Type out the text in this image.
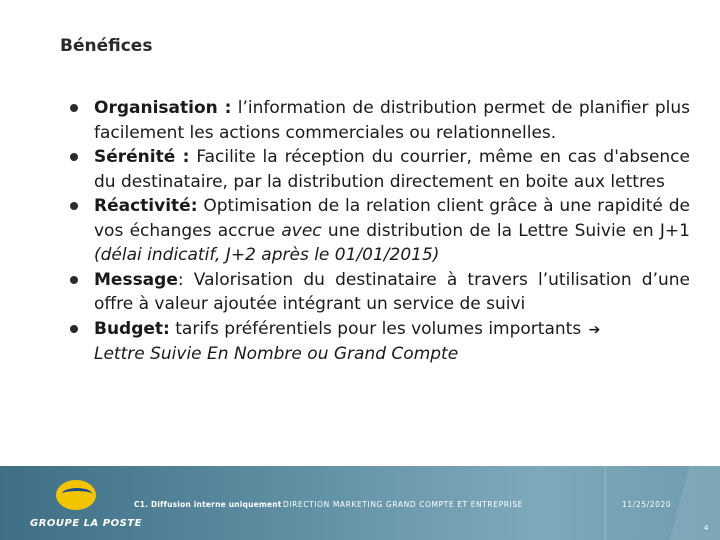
Bénéfices
Organisation : l’information de distribution permet de planifier plus facilement les actions commerciales ou relationnelles.
Sérénité : Facilite la réception du courrier, même en cas d'absence du destinataire, par la distribution directement en boite aux lettres
Réactivité: Optimisation de la relation client grâce à une rapidité de vos échanges accrue avec une distribution de la Lettre Suivie en J+1 (délai indicatif, J+2 après le 01/01/2015)
Message: Valorisation du destinataire à travers l’utilisation d’une offre à valeur ajoutée intégrant un service de suivi
Budget: tarifs préférentiels pour les volumes importants ➔
Lettre Suivie En Nombre ou Grand Compte
GROUPE LA POSTE
C1. Diffusion interne uniquement DIRECTION MARKETING GRAND COMPTE ET ENTREPRISE	11/25/2020
4
